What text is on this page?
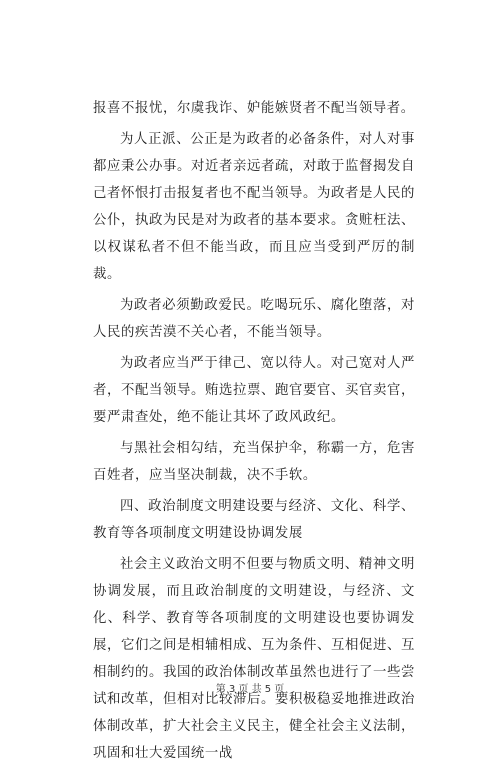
报喜不报忧，尔虞我诈、妒能嫉贤者不配当领导者。

为人正派、公正是为政者的必备条件，对人对事都应秉公办事。对近者亲远者疏，对敢于监督揭发自己者怀恨打击报复者也不配当领导。为政者是人民的公仆，执政为民是对为政者的基本要求。贪赃枉法、以权谋私者不但不能当政，而且应当受到严厉的制裁。

为政者必须勤政爱民。吃喝玩乐、腐化堕落，对人民的疾苦漠不关心者，不能当领导。

为政者应当严于律己、宽以待人。对己宽对人严者，不配当领导。贿选拉票、跑官要官、买官卖官，要严肃查处，绝不能让其坏了政风政纪。

与黑社会相勾结，充当保护伞，称霸一方，危害百姓者，应当坚决制裁，决不手软。

四、政治制度文明建设要与经济、文化、科学、教育等各项制度文明建设协调发展

社会主义政治文明不但要与物质文明、精神文明协调发展，而且政治制度的文明建设，与经济、文化、科学、教育等各项制度的文明建设也要协调发展，它们之间是相辅相成、互为条件、互相促进、互相制约的。我国的政治体制改革虽然也进行了一些尝试和改革，但相对比较滞后。要积极稳妥地推进政治体制改革，扩大社会主义民主，健全社会主义法制，巩固和壮大爱国统一战

第 3 页 共 5 页
